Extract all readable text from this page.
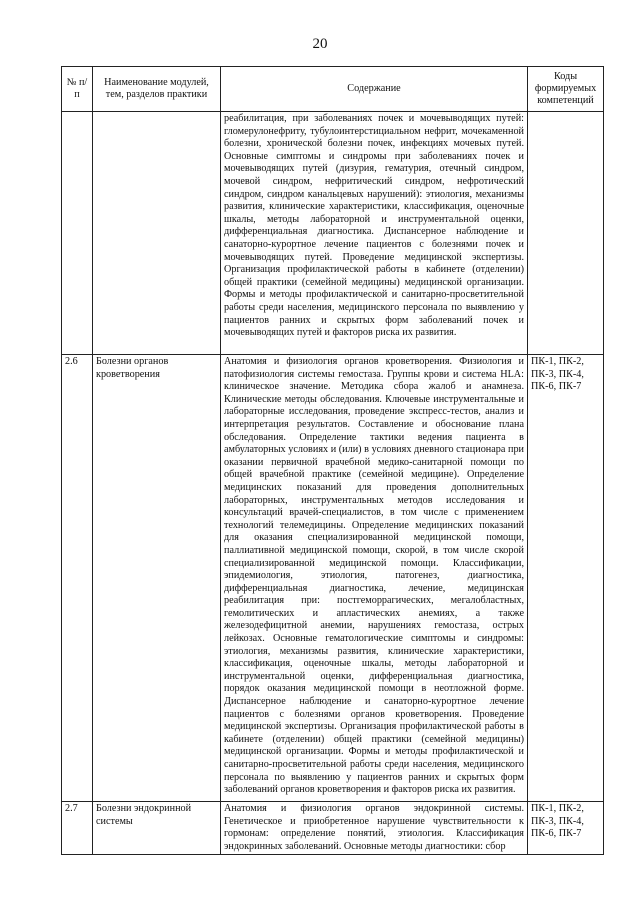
20
№ п/п	Наименование модулей, тем, разделов практики	Содержание	Коды формируемых компетенций
		реабилитация, при заболеваниях почек и мочевыводящих путей: гломерулонефриту, тубулоинтерстициальном нефрит, мочекаменной болезни, хронической болезни почек, инфекциях мочевых путей. Основные симптомы и синдромы при заболеваниях почек и мочевыводящих путей (дизурия, гематурия, отечный синдром, мочевой синдром, нефритический синдром, нефротический синдром, синдром канальцевых нарушений): этиология, механизмы развития, клинические характеристики, классификация, оценочные шкалы, методы лабораторной и инструментальной оценки, дифференциальная диагностика. Диспансерное наблюдение и санаторно-курортное лечение пациентов с болезнями почек и мочевыводящих путей. Проведение медицинской экспертизы. Организация профилактической работы в кабинете (отделении) общей практики (семейной медицины) медицинской организации. Формы и методы профилактической и санитарно-просветительной работы среди населения, медицинского персонала по выявлению у пациентов ранних и скрытых форм заболеваний почек и мочевыводящих путей и факторов риска их развития.	
2.6	Болезни органов кроветворения	Анатомия и физиология органов кроветворения. Физиология и патофизиология системы гемостаза. Группы крови и система HLA: клиническое значение. Методика сбора жалоб и анамнеза. Клинические методы обследования. Ключевые инструментальные и лабораторные исследования, проведение экспресс-тестов, анализ и интерпретация результатов. Составление и обоснование плана обследования. Определение тактики ведения пациента в амбулаторных условиях и (или) в условиях дневного стационара при оказании первичной врачебной медико-санитарной помощи по общей врачебной практике (семейной медицине). Определение медицинских показаний для проведения дополнительных лабораторных, инструментальных методов исследования и консультаций врачей-специалистов, в том числе с применением технологий телемедицины. Определение медицинских показаний для оказания специализированной медицинской помощи, паллиативной медицинской помощи, скорой, в том числе скорой специализированной медицинской помощи. Классификации, эпидемиология, этиология, патогенез, диагностика, дифференциальная диагностика, лечение, медицинская реабилитация при: постгеморрагических, мегалобластных, гемолитических и апластических анемиях, а также железодефицитной анемии, нарушениях гемостаза, острых лейкозах. Основные гематологические симптомы и синдромы: этиология, механизмы развития, клинические характеристики, классификация, оценочные шкалы, методы лабораторной и инструментальной оценки, дифференциальная диагностика, порядок оказания медицинской помощи в неотложной форме. Диспансерное наблюдение и санаторно-курортное лечение пациентов с болезнями органов кроветворения. Проведение медицинской экспертизы. Организация профилактической работы в кабинете (отделении) общей практики (семейной медицины) медицинской организации. Формы и методы профилактической и санитарно-просветительной работы среди населения, медицинского персонала по выявлению у пациентов ранних и скрытых форм заболеваний органов кроветворения и факторов риска их развития.	ПК-1, ПК-2, ПК-3, ПК-4, ПК-6, ПК-7
2.7	Болезни эндокринной системы	Анатомия и физиология органов эндокринной системы. Генетическое и приобретенное нарушение чувствительности к гормонам: определение понятий, этиология. Классификация эндокринных заболеваний. Основные методы диагностики: сбор	ПК-1, ПК-2, ПК-3, ПК-4, ПК-6, ПК-7
